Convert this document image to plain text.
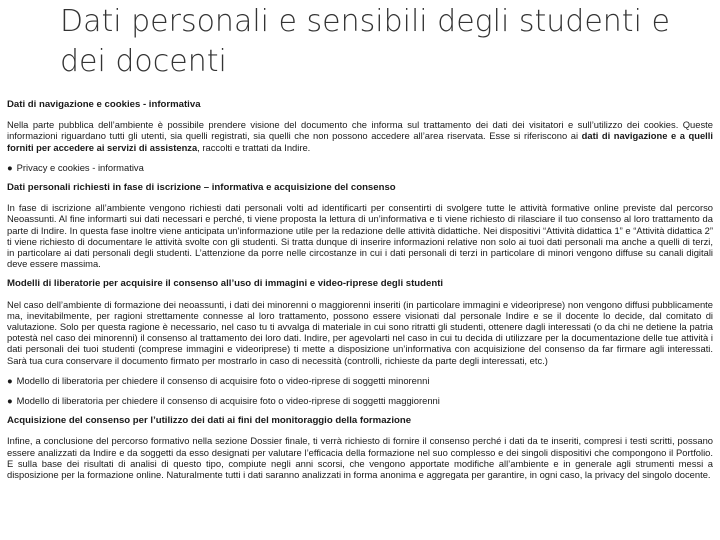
Dati personali e sensibili degli studenti e dei docenti
Dati di navigazione e cookies - informativa
Nella parte pubblica dell’ambiente è possibile prendere visione del documento che informa sul trattamento dei dati dei visitatori e sull’utilizzo dei cookies. Queste informazioni riguardano tutti gli utenti, sia quelli registrati, sia quelli che non possono accedere all’area riservata. Esse si riferiscono ai dati di navigazione e a quelli forniti per accedere ai servizi di assistenza, raccolti e trattati da Indire.
● Privacy e cookies - informativa
Dati personali richiesti in fase di iscrizione – informativa e acquisizione del consenso
In fase di iscrizione all’ambiente vengono richiesti dati personali volti ad identificarti per consentirti di svolgere tutte le attività formative online previste dal percorso Neoassunti. Al fine informarti sui dati necessari e perché, ti viene proposta la lettura di un’informativa e ti viene richiesto di rilasciare il tuo consenso al loro trattamento da parte di Indire. In questa fase inoltre viene anticipata un’informazione utile per la redazione delle attività didattiche. Nei dispositivi “Attività didattica 1” e “Attività didattica 2” ti viene richiesto di documentare le attività svolte con gli studenti. Si tratta dunque di inserire informazioni relative non solo ai tuoi dati personali ma anche a quelli di terzi, in particolare ai dati personali degli studenti. L’attenzione da porre nelle circostanze in cui i dati personali di terzi in particolare di minori vengono diffuse su canali digitali deve essere massima.
Modelli di liberatorie per acquisire il consenso all’uso di immagini e video-riprese degli studenti
Nel caso dell’ambiente di formazione dei neoassunti, i dati dei minorenni o maggiorenni inseriti (in particolare immagini e videoriprese) non vengono diffusi pubblicamente ma, inevitabilmente, per ragioni strettamente connesse al loro trattamento, possono essere visionati dal personale Indire e se il docente lo decide, dal comitato di valutazione. Solo per questa ragione è necessario, nel caso tu ti avvalga di materiale in cui sono ritratti gli studenti, ottenere dagli interessati (o da chi ne detiene la patria potestà nel caso dei minorenni) il consenso al trattamento dei loro dati. Indire, per agevolarti nel caso in cui tu decida di utilizzare per la documentazione delle tue attività i dati personali dei tuoi studenti (comprese immagini e videoriprese) ti mette a disposizione un’informativa con acquisizione del consenso da far firmare agli interessati. Sarà tua cura conservare il documento firmato per mostrarlo in caso di necessità (controlli, richieste da parte degli interessati, etc.)
● Modello di liberatoria per chiedere il consenso di acquisire foto o video-riprese di soggetti minorenni
● Modello di liberatoria per chiedere il consenso di acquisire foto o video-riprese di soggetti maggiorenni
Acquisizione del consenso per l’utilizzo dei dati ai fini del monitoraggio della formazione
Infine, a conclusione del percorso formativo nella sezione Dossier finale, ti verrà richiesto di fornire il consenso perché i dati da te inseriti, compresi i testi scritti, possano essere analizzati da Indire e da soggetti da esso designati per valutare l’efficacia della formazione nel suo complesso e dei singoli dispositivi che compongono il Portfolio. E sulla base dei risultati di analisi di questo tipo, compiute negli anni scorsi, che vengono apportate modifiche all’ambiente e in generale agli strumenti messi a disposizione per la formazione online. Naturalmente tutti i dati saranno analizzati in forma anonima e aggregata per garantire, in ogni caso, la privacy del singolo docente.
